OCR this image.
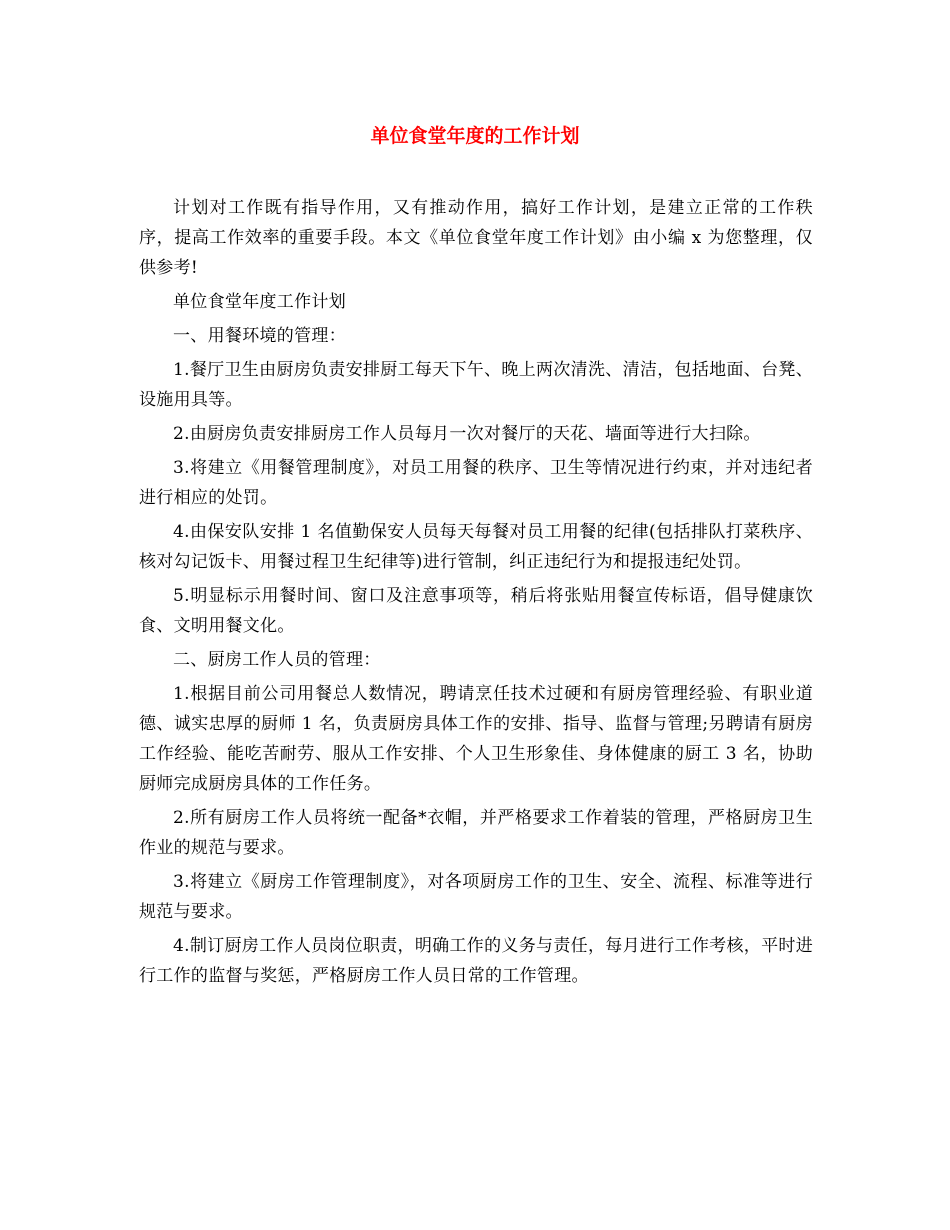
单位食堂年度的工作计划

计划对工作既有指导作用，又有推动作用，搞好工作计划，是建立正常的工作秩序，提高工作效率的重要手段。本文《单位食堂年度工作计划》由小编 x 为您整理，仅供参考!

单位食堂年度工作计划

一、用餐环境的管理：

1.餐厅卫生由厨房负责安排厨工每天下午、晚上两次清洗、清洁，包括地面、台凳、设施用具等。

2.由厨房负责安排厨房工作人员每月一次对餐厅的天花、墙面等进行大扫除。

3.将建立《用餐管理制度》，对员工用餐的秩序、卫生等情况进行约束，并对违纪者进行相应的处罚。

4.由保安队安排 1 名值勤保安人员每天每餐对员工用餐的纪律(包括排队打菜秩序、核对勾记饭卡、用餐过程卫生纪律等)进行管制，纠正违纪行为和提报违纪处罚。

5.明显标示用餐时间、窗口及注意事项等，稍后将张贴用餐宣传标语，倡导健康饮食、文明用餐文化。

二、厨房工作人员的管理：

1.根据目前公司用餐总人数情况，聘请烹任技术过硬和有厨房管理经验、有职业道德、诚实忠厚的厨师 1 名，负责厨房具体工作的安排、指导、监督与管理;另聘请有厨房工作经验、能吃苦耐劳、服从工作安排、个人卫生形象佳、身体健康的厨工 3 名，协助厨师完成厨房具体的工作任务。

2.所有厨房工作人员将统一配备*衣帽，并严格要求工作着装的管理，严格厨房卫生作业的规范与要求。

3.将建立《厨房工作管理制度》，对各项厨房工作的卫生、安全、流程、标准等进行规范与要求。

4.制订厨房工作人员岗位职责，明确工作的义务与责任，每月进行工作考核，平时进行工作的监督与奖惩，严格厨房工作人员日常的工作管理。
